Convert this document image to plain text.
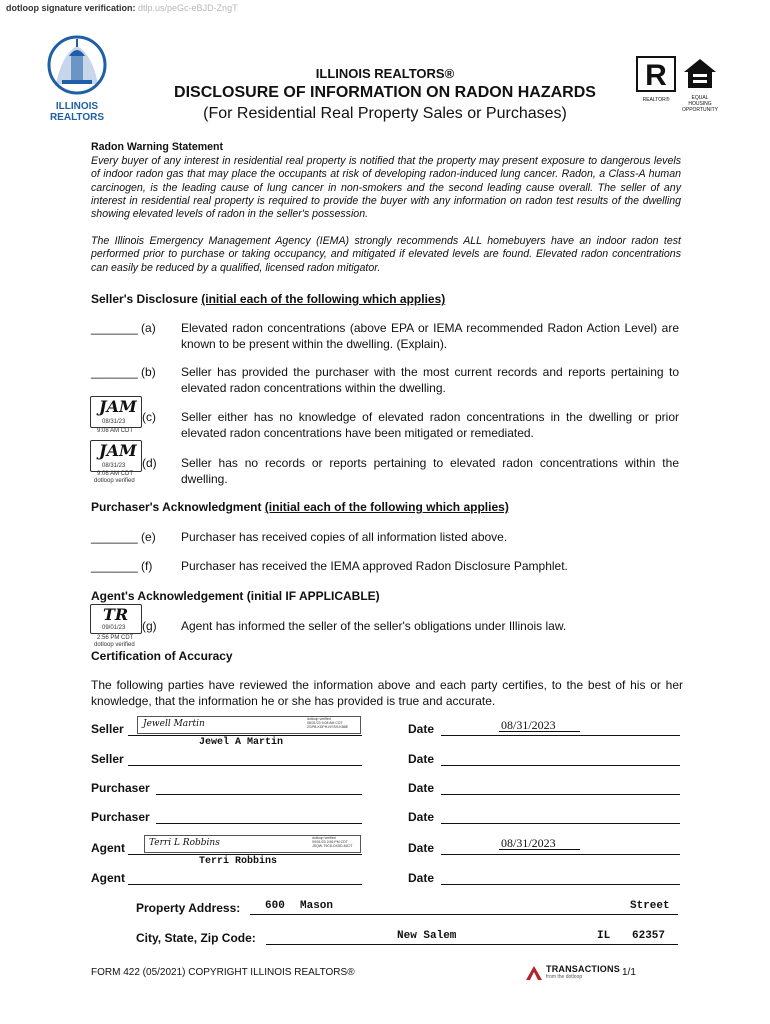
dotloop signature verification: dtlp.us/peGc-eBJD-ZngT
ILLINOIS
REALTORS
R
REALTOR®	EQUAL HOUSING
OPPORTUNITY
ILLINOIS REALTORS®
DISCLOSURE OF INFORMATION ON RADON HAZARDS
(For Residential Real Property Sales or Purchases)
Radon Warning Statement
Every buyer of any interest in residential real property is notified that the property may present exposure to dangerous levels of indoor radon gas that may place the occupants at risk of developing radon-induced lung cancer. Radon, a Class-A human carcinogen, is the leading cause of lung cancer in non-smokers and the second leading cause overall. The seller of any interest in residential real property is required to provide the buyer with any information on radon test results of the dwelling showing elevated levels of radon in the seller's possession.
The Illinois Emergency Management Agency (IEMA) strongly recommends ALL homebuyers have an indoor radon test performed prior to purchase or taking occupancy, and mitigated if elevated levels are found. Elevated radon concentrations can easily be reduced by a qualified, licensed radon mitigator.
Seller's Disclosure (initial each of the following which applies)
_______ (a) Elevated radon concentrations (above EPA or IEMA recommended Radon Action Level) are known to be present within the dwelling. (Explain).
_______ (b) Seller has provided the purchaser with the most current records and reports pertaining to elevated radon concentrations within the dwelling.
JAM
08/31/23
9:08 AM CDT
(c) Seller either has no knowledge of elevated radon concentrations in the dwelling or prior elevated radon concentrations have been mitigated or remediated.
JAM
08/31/23
9:08 AM CDT
dotloop verified
(d) Seller has no records or reports pertaining to elevated radon concentrations within the dwelling.
Purchaser's Acknowledgment (initial each of the following which applies)
_______ (e) Purchaser has received copies of all information listed above.
_______ (f) Purchaser has received the IEMA approved Radon Disclosure Pamphlet.
Agent's Acknowledgement (initial IF APPLICABLE)
TR
09/01/23
2:56 PM CDT
dotloop verified
(g) Agent has informed the seller of the seller's obligations under Illinois law.
Certification of Accuracy
The following parties have reviewed the information above and each party certifies, to the best of his or her knowledge, that the information he or she has provided is true and accurate.
Seller Jewell Martin	dotloop verified
08/31/23 9:08 AM CDT
2GPB-KDPH-NYSH-KB8E
Jewel A Martin
Date	08/31/2023
Seller	Date
Purchaser	Date
Purchaser	Date
Agent	Terri L Robbins	dotloop verified
09/01/23 2:56 PM CDT
JSQW-T9C8-OX5D-MZJT
Terri Robbins
Date	08/31/2023
Agent	Date
Property Address: 600 Mason	Street
City, State, Zip Code:	New Salem	IL 62357
FORM 422 (05/2021) COPYRIGHT ILLINOIS REALTORS®	TRANSACTIONS
from the dotloop	1/1
